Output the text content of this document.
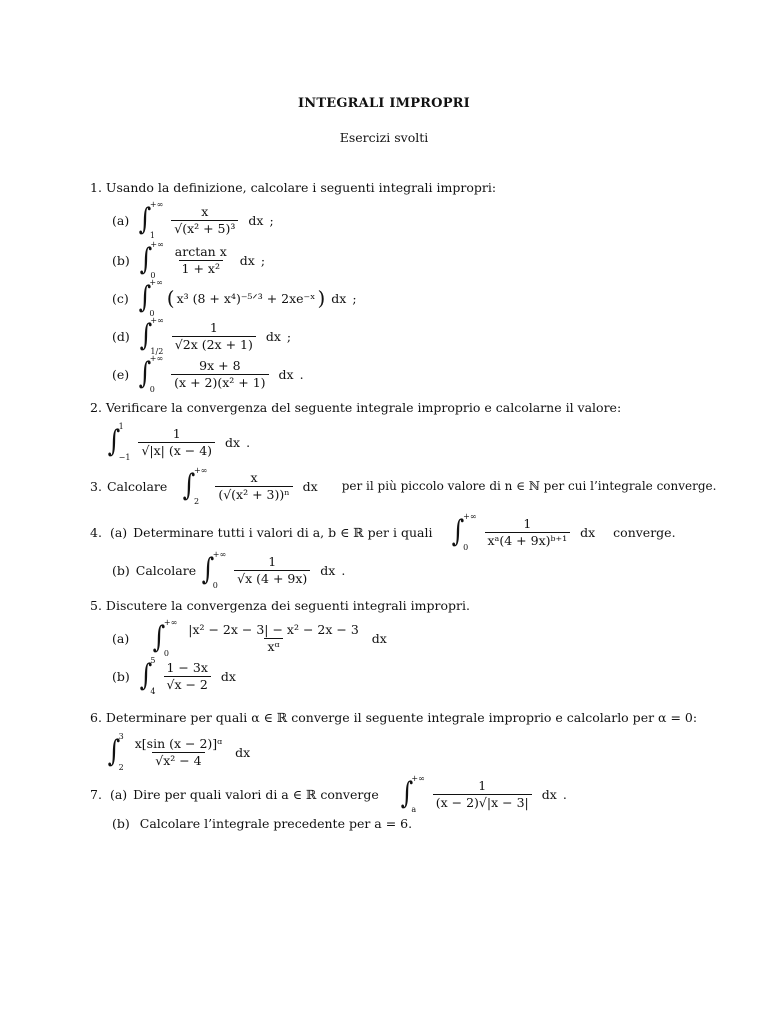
INTEGRALI IMPROPRI
Esercizi svolti
1. Usando la definizione, calcolare i seguenti integrali impropri:
(a) ∫
+∞
1	$\frac{x}{\text{√(x² + 5)³}}$ dx ;
(b) ∫
+∞
0	$\frac{\text{arctan x}}{\text{1 + x²}}$ dx ;
(c) ∫
+∞
0
( x³ (8 + x⁴)⁻⁵ᐟ³ + 2xe⁻ˣ ) dx ;
(d) ∫
+∞
$1/2 \frac{1}{√2x (2x + 1)}$ dx ;
(e) ∫
+∞
0	$\frac{9x + 8}{\text{(x + 2)(x² + 1)}}$ dx .
2. Verificare la convergenza del seguente integrale improprio e calcolarne il valore:
∫
1
$-1 \frac{1}{√|x| (x - 4)}$ dx .
3. Calcolare ∫
+∞
2	$\frac{x}{\text{(√(x² + 3))ⁿ}}$ dx per il più piccolo valore di n ∈ ℕ per cui l’integrale converge.
4. (a) Determinare tutti i valori di a, b ∈ ℝ per i quali ∫
+∞
0	$\frac{1}{\text{xᵃ(4 + 9x)ᵇ⁺¹}}$ dx converge.
(b) Calcolare ∫
+∞
0	$\frac{1}{√x (4 + 9x)}$ dx .
5. Discutere la convergenza dei seguenti integrali impropri.
(a) ∫
+∞
0	$\frac{\text{|x² − 2x − 3| − x² − 2x − 3}}{\text{xᵅ}}$ dx
(b) ∫
5
$4 \frac{1 - 3x}{√x - 2}$ dx
6. Determinare per quali α ∈ ℝ converge il seguente integrale improprio e calcolarlo per α = 0:
∫
3
$2 \frac{\text{x[sin (x − 2)]ᵅ}}{\text{√x² − 4}}$ dx
7. (a) Dire per quali valori di a ∈ ℝ converge ∫
+∞
a	$\frac{1}{(x - 2)√|x - 3|}$ dx .
(b) Calcolare l’integrale precedente per a = 6.
